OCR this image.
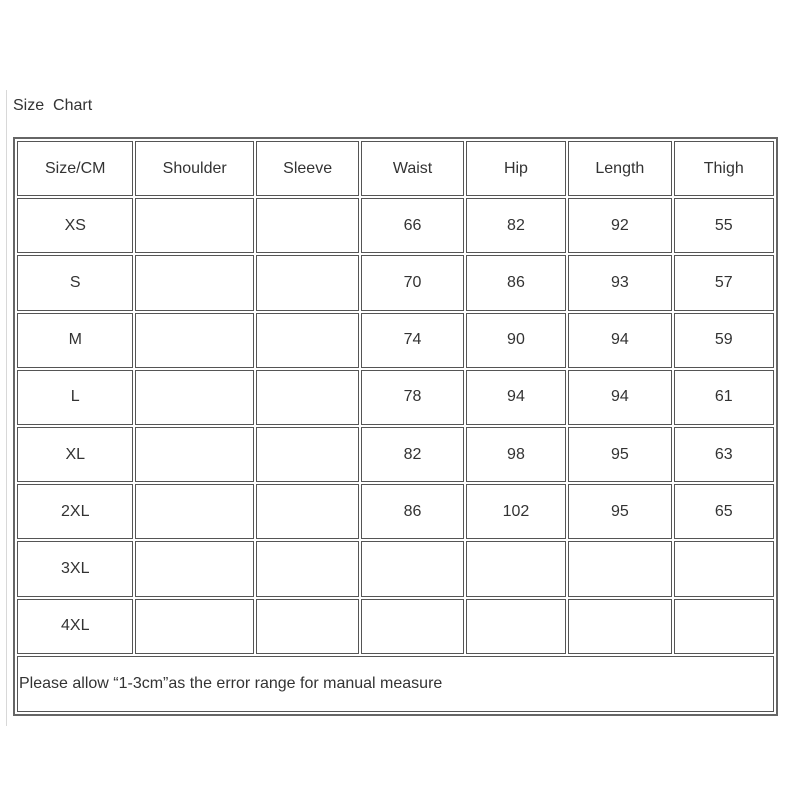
Size  Chart
Size/CM	Shoulder	Sleeve	Waist	Hip	Length	Thigh
XS			66	82	92	55
S			70	86	93	57
M			74	90	94	59
L			78	94	94	61
XL			82	98	95	63
2XL			86	102	95	65
3XL						
4XL						
Please allow “1-3cm”as the error range for manual measure						
